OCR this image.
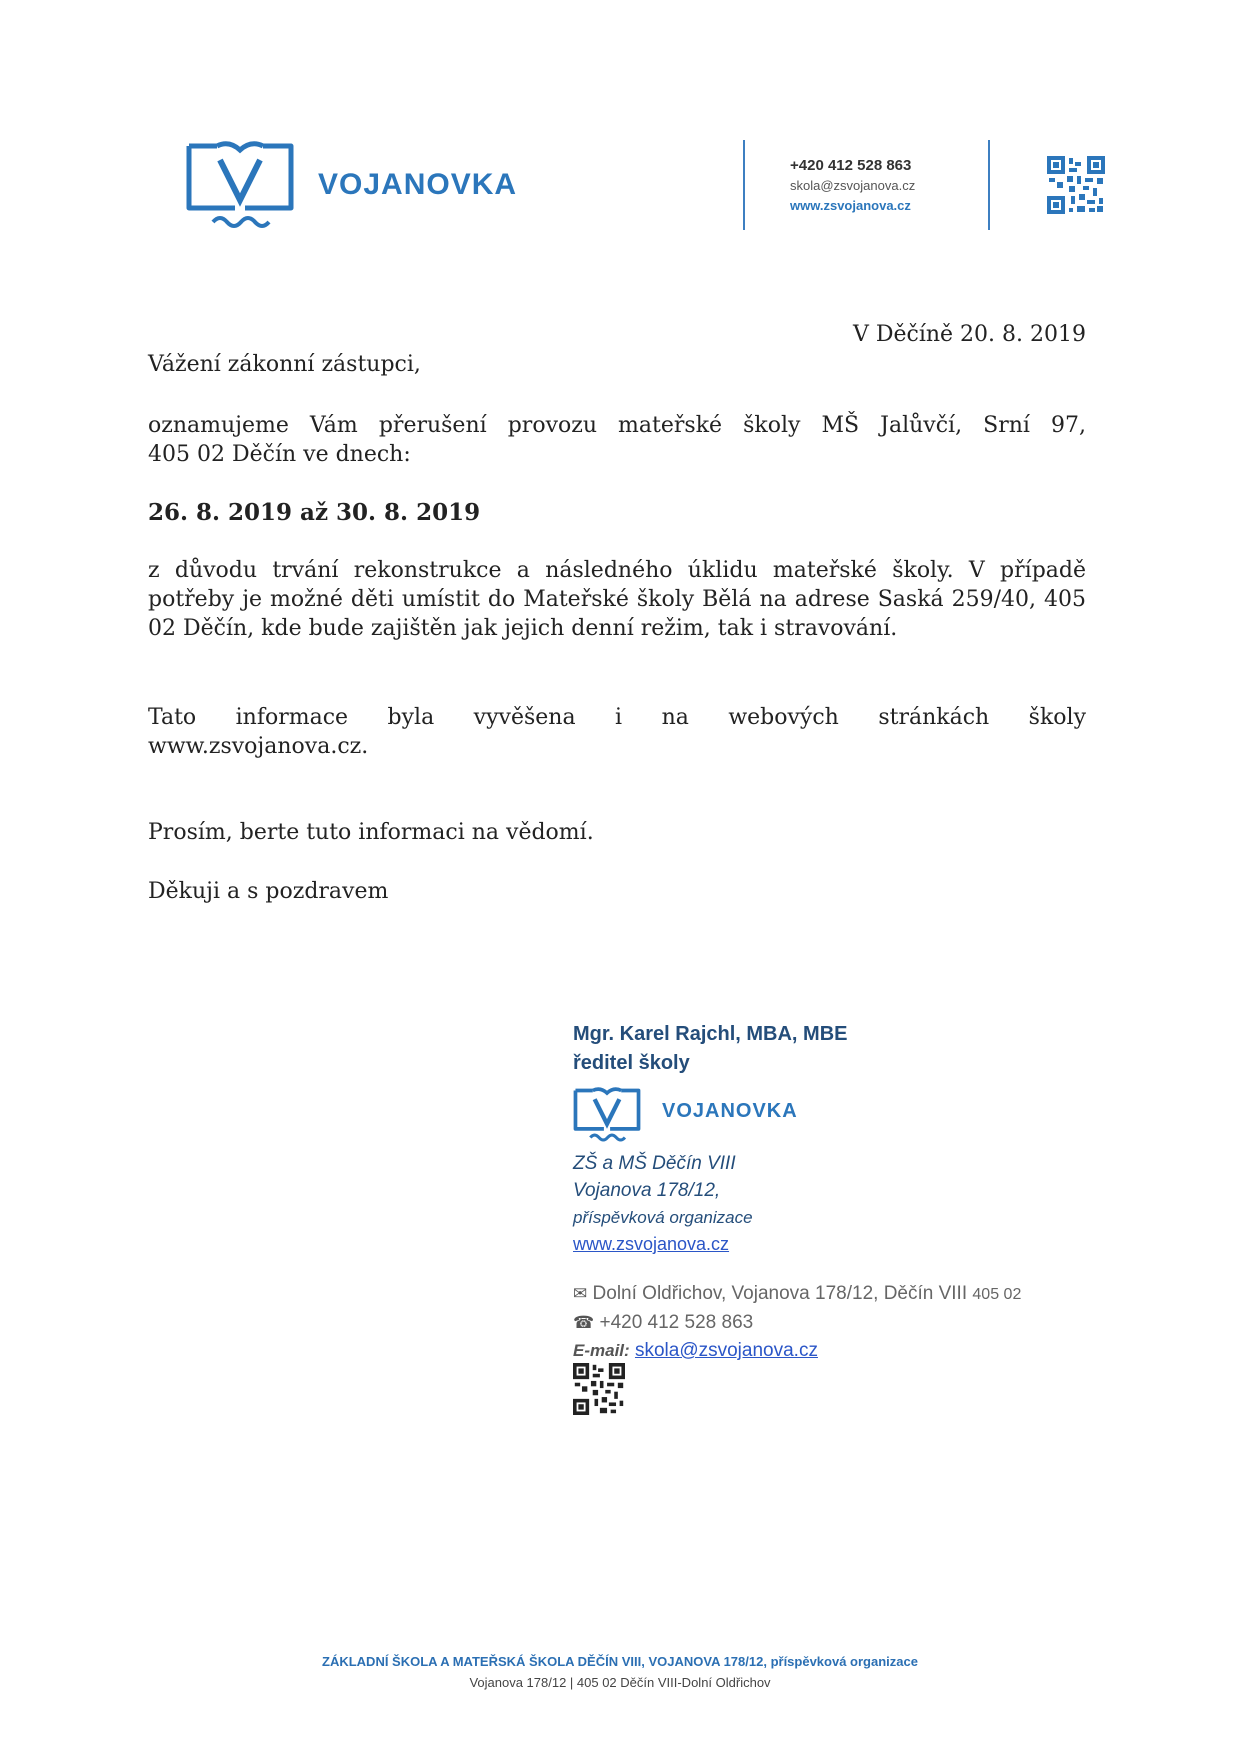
VOJANOVKA
+420 412 528 863
skola@zsvojanova.cz
www.zsvojanova.cz
V Děčíně 20. 8. 2019
Vážení zákonní zástupci,
oznamujeme Vám přerušení provozu mateřské školy MŠ Jalůvčí, Srní 97,
405 02 Děčín ve dnech:
26. 8. 2019 až 30. 8. 2019
z důvodu trvání rekonstrukce a následného úklidu mateřské školy. V případě potřeby je možné děti umístit do Mateřské školy Bělá na adrese Saská 259/40, 405 02 Děčín, kde bude zajištěn jak jejich denní režim, tak i stravování.
Tato informace byla vyvěšena i na webových stránkách školy
www.zsvojanova.cz.
Prosím, berte tuto informaci na vědomí.
Děkuji a s pozdravem
Mgr. Karel Rajchl, MBA, MBE
ředitel školy
VOJANOVKA
ZŠ a MŠ Děčín VIII
Vojanova 178/12,
příspěvková organizace
www.zsvojanova.cz
✉ Dolní Oldřichov, Vojanova 178/12, Děčín VIII 405 02
☎ +420 412 528 863
E-mail: skola@zsvojanova.cz
ZÁKLADNÍ ŠKOLA A MATEŘSKÁ ŠKOLA DĚČÍN VIII, VOJANOVA 178/12, příspěvková organizace
Vojanova 178/12 | 405 02 Děčín VIII-Dolní Oldřichov
